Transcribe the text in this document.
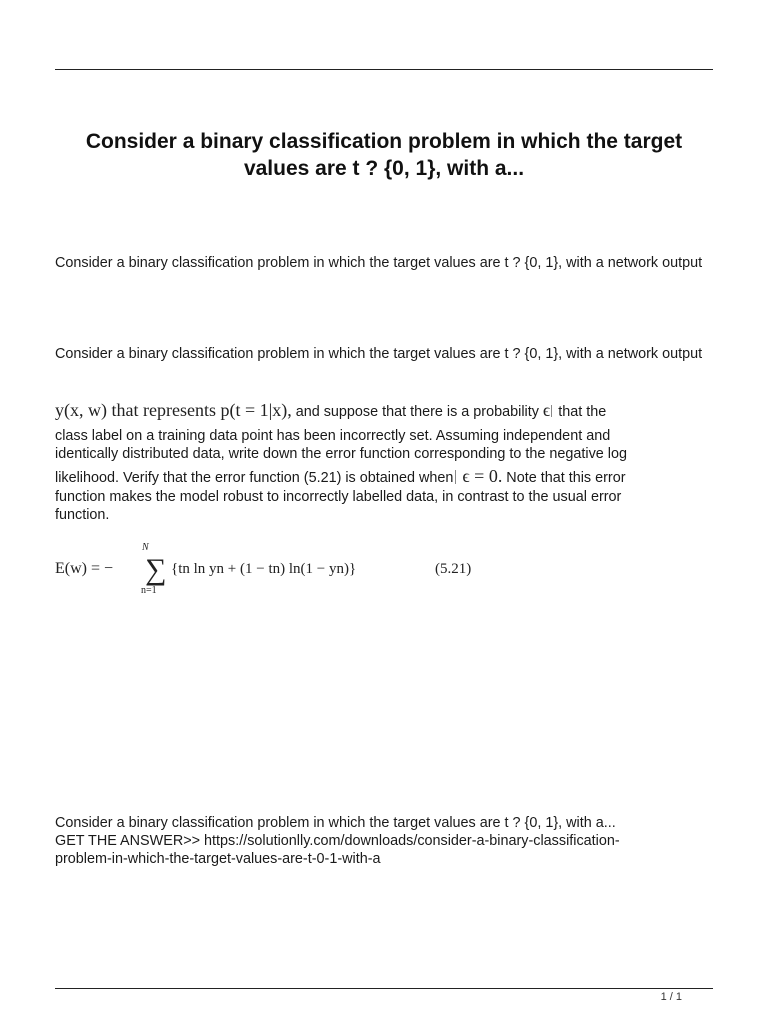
Consider a binary classification problem in which the target values are t ? {0, 1}, with a...
Consider a binary classification problem in which the target values are t ? {0, 1}, with a network output
Consider a binary classification problem in which the target values are t ? {0, 1}, with a network output
y(x, w) that represents p(t = 1|x), and suppose that there is a probability ϵ that the
class label on a training data point has been incorrectly set. Assuming independent and
identically distributed data, write down the error function corresponding to the negative log
likelihood. Verify that the error function (5.21) is obtained when ϵ = 0. Note that this error
function makes the model robust to incorrectly labelled data, in contrast to the usual error
function.
E(w) = − ∑
N
n=1
{tn ln yn + (1 − tn) ln(1 − yn)}	(5.21)
Consider a binary classification problem in which the target values are t ? {0, 1}, with a...
GET THE ANSWER>> https://solutionlly.com/downloads/consider-a-binary-classification-
problem-in-which-the-target-values-are-t-0-1-with-a
1 / 1
